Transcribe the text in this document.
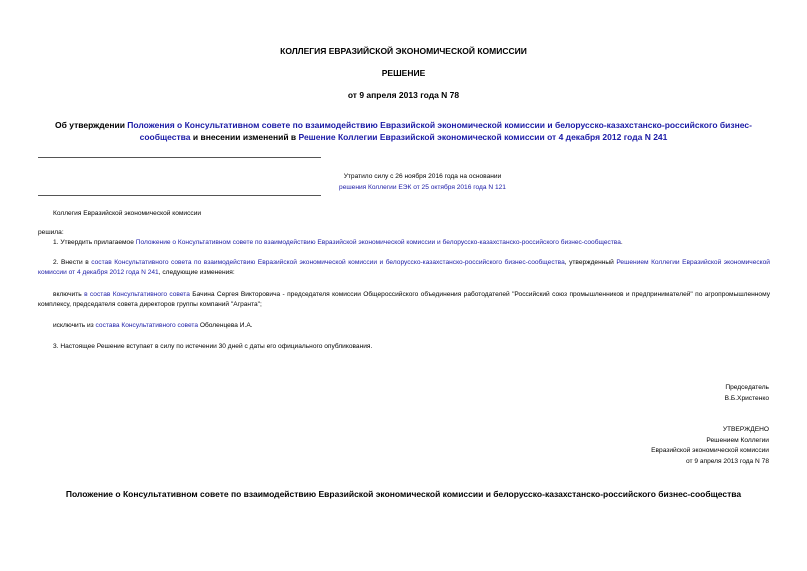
КОЛЛЕГИЯ ЕВРАЗИЙСКОЙ ЭКОНОМИЧЕСКОЙ КОМИССИИ
РЕШЕНИЕ
от 9 апреля 2013 года N 78
Об утверждении Положения о Консультативном совете по взаимодействию Евразийской экономической комиссии и белорусско-казахстанско-российского бизнес-сообщества и внесении изменений в Решение Коллегии Евразийской экономической комиссии от 4 декабря 2012 года N 241
Утратило силу с 26 ноября 2016 года на основании
решения Коллегии ЕЭК от 25 октября 2016 года N 121
Коллегия Евразийской экономической комиссии
решила:
1. Утвердить прилагаемое Положение о Консультативном совете по взаимодействию Евразийской экономической комиссии и белорусско-казахстанско-российского бизнес-сообщества.
2. Внести в состав Консультативного совета по взаимодействию Евразийской экономической комиссии и белорусско-казахстанско-российского бизнес-сообщества, утвержденный Решением Коллегии Евразийской экономической комиссии от 4 декабря 2012 года N 241, следующие изменения:
включить в состав Консультативного совета Бачина Сергея Викторовича - председателя комиссии Общероссийского объединения работодателей "Российский союз промышленников и предпринимателей" по агропромышленному комплексу, председателя совета директоров группы компаний "Агранта";
исключить из состава Консультативного совета Оболенцева И.А.
3. Настоящее Решение вступает в силу по истечении 30 дней с даты его официального опубликования.
Председатель
В.Б.Христенко
УТВЕРЖДЕНО
Решением Коллегии
Евразийской экономической комиссии
от 9 апреля 2013 года N 78
Положение о Консультативном совете по взаимодействию Евразийской экономической комиссии и белорусско-казахстанско-российского бизнес-сообщества
